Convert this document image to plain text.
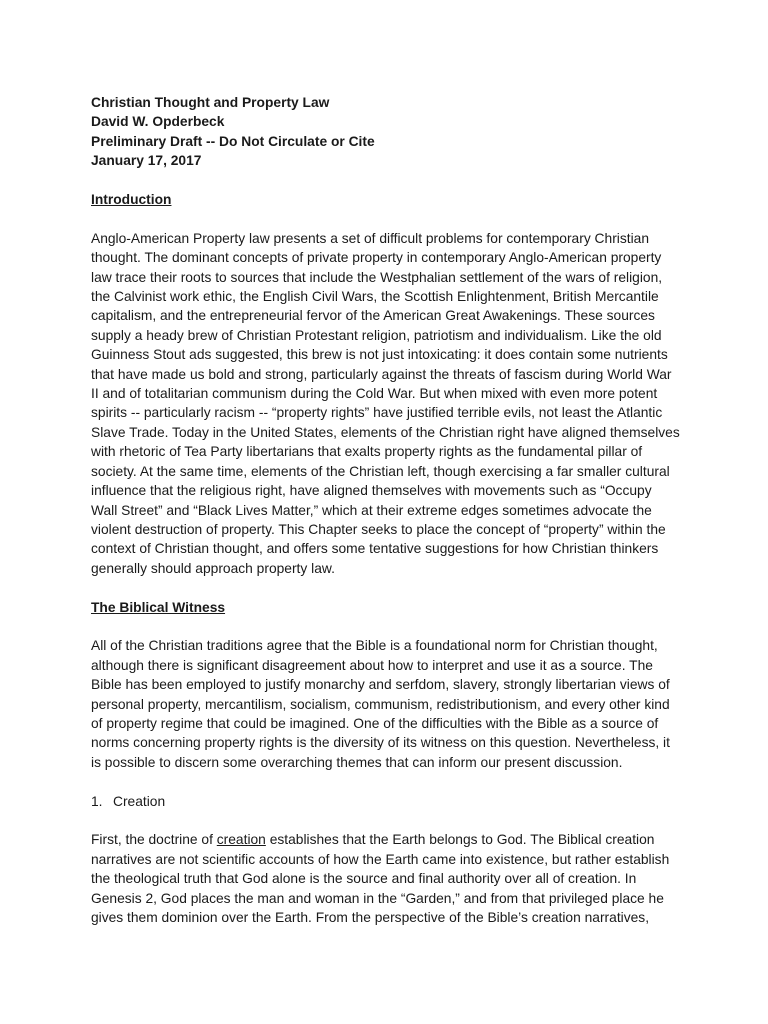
Christian Thought and Property Law
David W. Opderbeck
Preliminary Draft -- Do Not Circulate or Cite
January 17, 2017
Introduction

Anglo-American Property law presents a set of difficult problems for contemporary Christian thought. The dominant concepts of private property in contemporary Anglo-American property law trace their roots to sources that include the Westphalian settlement of the wars of religion, the Calvinist work ethic, the English Civil Wars, the Scottish Enlightenment, British Mercantile capitalism, and the entrepreneurial fervor of the American Great Awakenings. These sources supply a heady brew of Christian Protestant religion, patriotism and individualism. Like the old Guinness Stout ads suggested, this brew is not just intoxicating: it does contain some nutrients that have made us bold and strong, particularly against the threats of fascism during World War II and of totalitarian communism during the Cold War. But when mixed with even more potent spirits -- particularly racism -- “property rights” have justified terrible evils, not least the Atlantic Slave Trade. Today in the United States, elements of the Christian right have aligned themselves with rhetoric of Tea Party libertarians that exalts property rights as the fundamental pillar of society. At the same time, elements of the Christian left, though exercising a far smaller cultural influence that the religious right, have aligned themselves with movements such as “Occupy Wall Street” and “Black Lives Matter,” which at their extreme edges sometimes advocate the violent destruction of property. This Chapter seeks to place the concept of “property” within the context of Christian thought, and offers some tentative suggestions for how Christian thinkers generally should approach property law.

The Biblical Witness

All of the Christian traditions agree that the Bible is a foundational norm for Christian thought, although there is significant disagreement about how to interpret and use it as a source. The Bible has been employed to justify monarchy and serfdom, slavery, strongly libertarian views of personal property, mercantilism, socialism, communism, redistributionism, and every other kind of property regime that could be imagined. One of the difficulties with the Bible as a source of norms concerning property rights is the diversity of its witness on this question. Nevertheless, it is possible to discern some overarching themes that can inform our present discussion.

1. Creation

First, the doctrine of creation establishes that the Earth belongs to God. The Biblical creation narratives are not scientific accounts of how the Earth came into existence, but rather establish the theological truth that God alone is the source and final authority over all of creation. In Genesis 2, God places the man and woman in the “Garden,” and from that privileged place he gives them dominion over the Earth. From the perspective of the Bible’s creation narratives,
